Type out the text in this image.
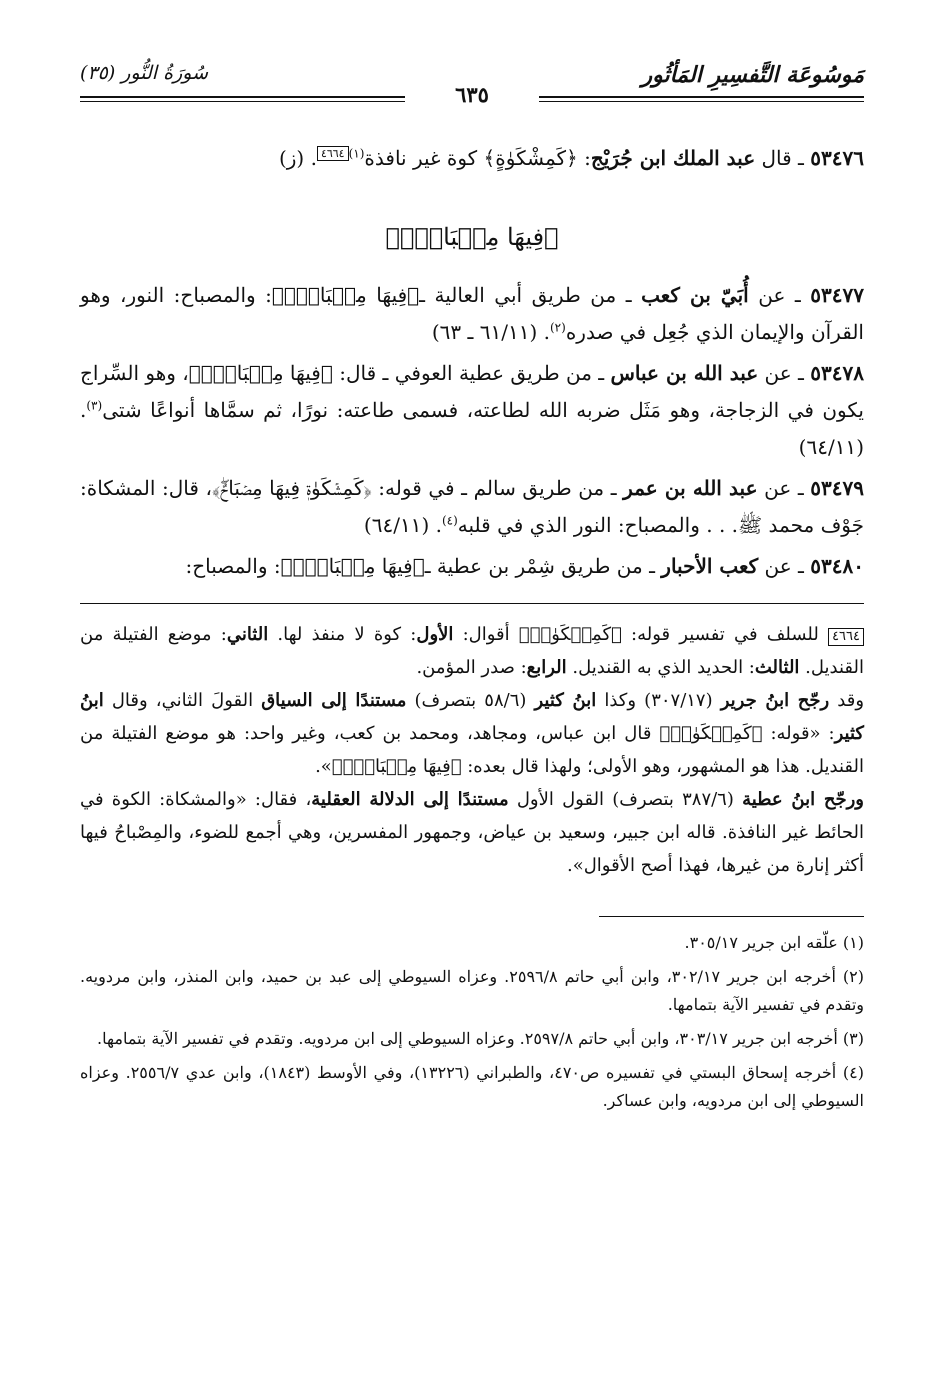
مَوسُوعَة التَّفسِيرِ المَأثُور
سُورَةُ النُّور (٣٥)
٦٣٥

٥٣٤٧٦ ـ قال عبد الملك ابن جُرَيْج: ﴿كَمِشْكَوٰةٍ﴾ كوة غير نافذة$^{(١)}$٤٦٦٤. (ز)

﴿فِيهَا مِصۡبَاحٌۖ﴾

٥٣٤٧٧ ـ عن أُبَيّ بن كعب ـ من طريق أبي العالية ـ﴿فِيهَا مِصۡبَاحٌۖ﴾: والمصباح: النور، وهو القرآن والإيمان الذي جُعِل في صدره$^{(٢)}$. (٦١/١١ ـ ٦٣)

٥٣٤٧٨ ـ عن عبد الله بن عباس ـ من طريق عطية العوفي ـ قال: ﴿فِيهَا مِصۡبَاحٌۖ﴾، وهو السِّراج يكون في الزجاجة، وهو مَثَل ضربه الله لطاعته، فسمى طاعته: نورًا، ثم سمَّاها أنواعًا شتى$^{(٣)}$. (٦٤/١١)

٥٣٤٧٩ ـ عن عبد الله بن عمر ـ من طريق سالم ـ في قوله: ﴿كَمِشۡكَوٰةٖ فِيهَا مِصۡبَاحٌۖ﴾، قال: المشكاة: جَوْف محمد ﷺ. . . والمصباح: النور الذي في قلبه$^{(٤)}$. (٦٤/١١)

٥٣٤٨٠ ـ عن كعب الأحبار ـ من طريق شِمْر بن عطية ـ﴿فِيهَا مِصۡبَاحٌۖ﴾: والمصباح:

٤٦٦٤ للسلف في تفسير قوله: ﴿كَمِشۡكَوٰةٖ﴾ أقوال: الأول: كوة لا منفذ لها. الثاني: موضع الفتيلة من القنديل. الثالث: الحديد الذي به القنديل. الرابع: صدر المؤمن.

وقد رجّح ابنُ جرير (٣٠٧/١٧) وكذا ابنُ كثير (٥٨/٦ بتصرف) مستندًا إلى السياق القولَ الثاني، وقال ابنُ كثير: «قوله: ﴿كَمِشۡكَوٰةٖ﴾ قال ابن عباس، ومجاهد، ومحمد بن كعب، وغير واحد: هو موضع الفتيلة من القنديل. هذا هو المشهور، وهو الأولى؛ ولهذا قال بعده: ﴿فِيهَا مِصۡبَاحٌۖ﴾».

ورجّح ابنُ عطية (٣٨٧/٦ بتصرف) القول الأول مستندًا إلى الدلالة العقلية، فقال: «والمشكاة: الكوة في الحائط غير النافذة. قاله ابن جبير، وسعيد بن عياض، وجمهور المفسرين، وهي أجمع للضوء، والمِصْباحُ فيها أكثر إنارة من غيرها، فهذا أصح الأقوال».

(١) علّقه ابن جرير ٣٠٥/١٧.

(٢) أخرجه ابن جرير ٣٠٢/١٧، وابن أبي حاتم ٢٥٩٦/٨. وعزاه السيوطي إلى عبد بن حميد، وابن المنذر، وابن مردويه. وتقدم في تفسير الآية بتمامها.

(٣) أخرجه ابن جرير ٣٠٣/١٧، وابن أبي حاتم ٢٥٩٧/٨. وعزاه السيوطي إلى ابن مردويه. وتقدم في تفسير الآية بتمامها.

(٤) أخرجه إسحاق البستي في تفسيره ص٤٧٠، والطبراني (١٣٢٢٦)، وفي الأوسط (١٨٤٣)، وابن عدي ٢٥٥٦/٧. وعزاه السيوطي إلى ابن مردويه، وابن عساكر.
